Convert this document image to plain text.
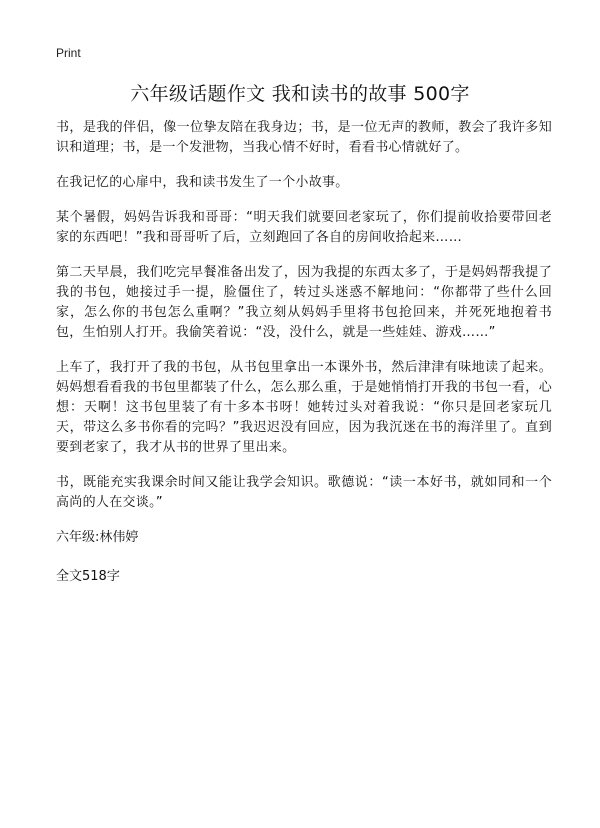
Print
六年级话题作文 我和读书的故事 500字

书，是我的伴侣，像一位挚友陪在我身边；书，是一位无声的教师，教会了我许多知识和道理；书，是一个发泄物，当我心情不好时，看看书心情就好了。

在我记忆的心扉中，我和读书发生了一个小故事。

某个暑假，妈妈告诉我和哥哥：“明天我们就要回老家玩了，你们提前收拾要带回老家的东西吧！”我和哥哥听了后，立刻跑回了各自的房间收拾起来……

第二天早晨，我们吃完早餐准备出发了，因为我提的东西太多了，于是妈妈帮我提了我的书包，她接过手一提，脸僵住了，转过头迷惑不解地问：“你都带了些什么回家，怎么你的书包怎么重啊？”我立刻从妈妈手里将书包抢回来，并死死地抱着书包，生怕别人打开。我偷笑着说：“没，没什么，就是一些娃娃、游戏……”

上车了，我打开了我的书包，从书包里拿出一本课外书，然后津津有味地读了起来。妈妈想看看我的书包里都装了什么，怎么那么重，于是她悄悄打开我的书包一看，心想：天啊！这书包里装了有十多本书呀！她转过头对着我说：“你只是回老家玩几天，带这么多书你看的完吗？”我迟迟没有回应，因为我沉迷在书的海洋里了。直到要到老家了，我才从书的世界了里出来。

书，既能充实我课余时间又能让我学会知识。歌德说：“读一本好书，就如同和一个高尚的人在交谈。”

六年级:林伟婷
全文518字
